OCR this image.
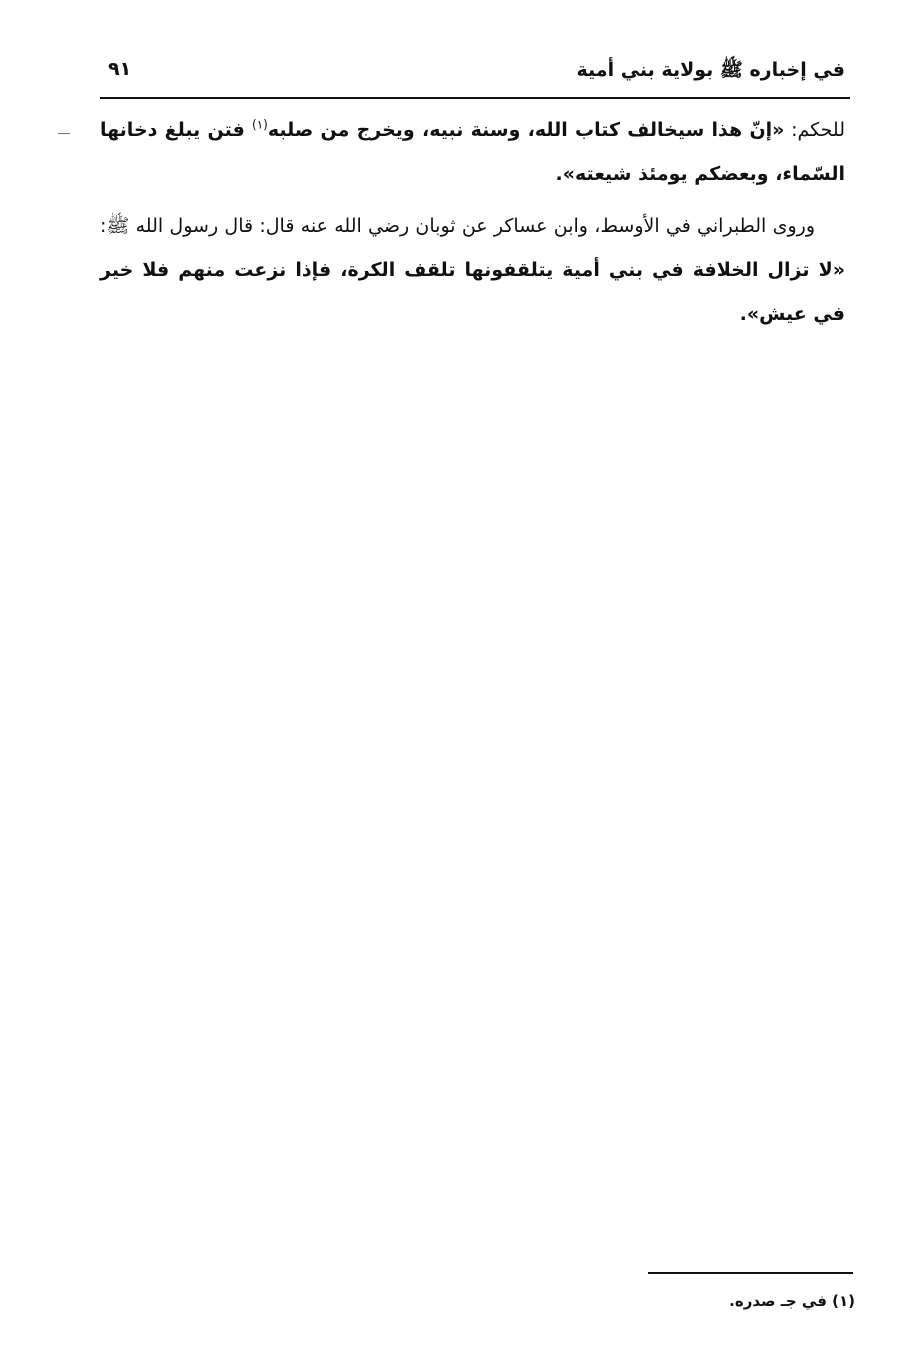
في إخباره ﷺ بولاية بني أمية
٩١

للحكم: «إنّ هذا سيخالف كتاب الله، وسنة نبيه، ويخرج من صلبه$^{(١)}$ فتن يبلغ دخانها السّماء، وبعضكم يومئذ شيعته».

وروى الطبراني في الأوسط، وابن عساكر عن ثوبان رضي الله عنه قال: قال رسول الله ﷺ: «لا تزال الخلافة في بني أمية يتلقفونها تلقف الكرة، فإذا نزعت منهم فلا خير في عيش».

(١) في جـ صدره.
